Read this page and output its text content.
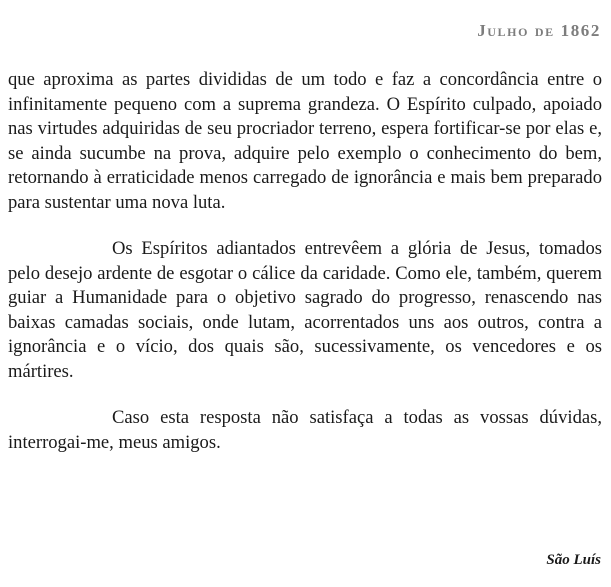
Julho de 1862

que aproxima as partes divididas de um todo e faz a concordância entre o infinitamente pequeno com a suprema grandeza. O Espírito culpado, apoiado nas virtudes adquiridas de seu procriador terreno, espera fortificar-se por elas e, se ainda sucumbe na prova, adquire pelo exemplo o conhecimento do bem, retornando à erraticidade menos carregado de ignorância e mais bem preparado para sustentar uma nova luta.

Os Espíritos adiantados entrevêem a glória de Jesus, tomados pelo desejo ardente de esgotar o cálice da caridade. Como ele, também, querem guiar a Humanidade para o objetivo sagrado do progresso, renascendo nas baixas camadas sociais, onde lutam, acorrentados uns aos outros, contra a ignorância e o vício, dos quais são, sucessivamente, os vencedores e os mártires.

Caso esta resposta não satisfaça a todas as vossas dúvidas, interrogai-me, meus amigos.

São Luís
